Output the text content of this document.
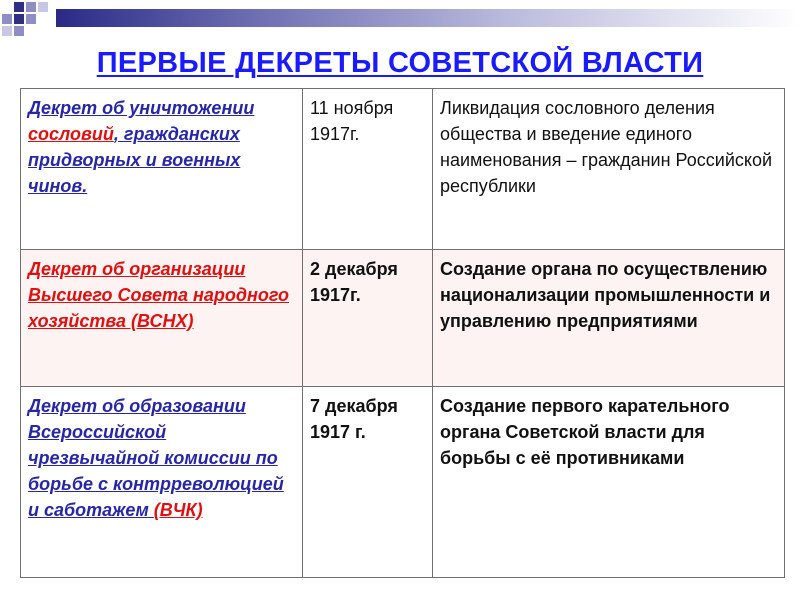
ПЕРВЫЕ ДЕКРЕТЫ СОВЕТСКОЙ ВЛАСТИ
Декрет об уничтожении сословий, гражданских придворных и военных чинов.	11 ноября 1917г.	Ликвидация сословного деления общества и введение единого наименования – гражданин Российской республики
Декрет об организации Высшего Совета народного хозяйства (ВСНХ)	2 декабря 1917г.	Создание органа по осуществлению национализации промышленности и управлению предприятиями
Декрет об образовании Всероссийской чрезвычайной комиссии по борьбе с контрреволюцией и саботажем (ВЧК)	7 декабря 1917 г.	Создание первого карательного органа Советской власти для борьбы с её противниками
